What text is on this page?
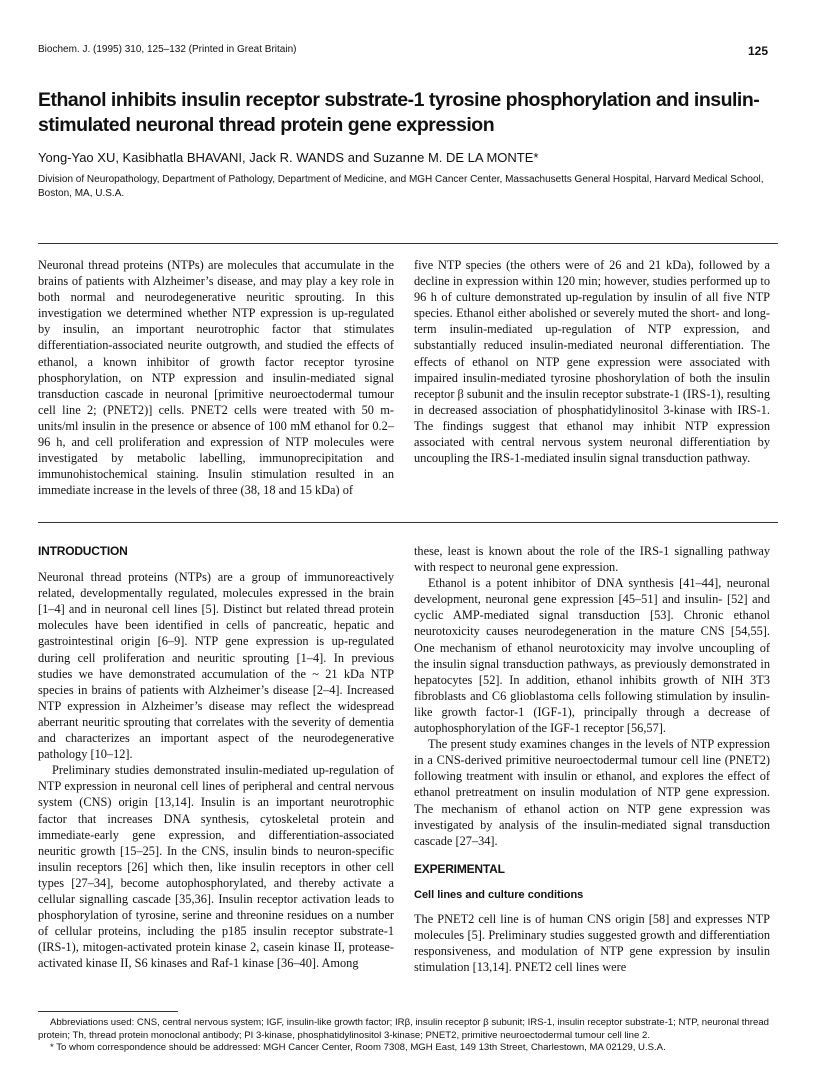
Biochem. J. (1995) 310, 125–132 (Printed in Great Britain)	125
Ethanol inhibits insulin receptor substrate-1 tyrosine phosphorylation and insulin-stimulated neuronal thread protein gene expression
Yong-Yao XU, Kasibhatla BHAVANI, Jack R. WANDS and Suzanne M. DE LA MONTE*
Division of Neuropathology, Department of Pathology, Department of Medicine, and MGH Cancer Center, Massachusetts General Hospital, Harvard Medical School, Boston, MA, U.S.A.

Neuronal thread proteins (NTPs) are molecules that accumulate in the brains of patients with Alzheimer’s disease, and may play a key role in both normal and neurodegenerative neuritic sprouting. In this investigation we determined whether NTP expression is up-regulated by insulin, an important neurotrophic factor that stimulates differentiation-associated neurite outgrowth, and studied the effects of ethanol, a known inhibitor of growth factor receptor tyrosine phosphorylation, on NTP expression and insulin-mediated signal transduction cascade in neuronal [primitive neuroectodermal tumour cell line 2; (PNET2)] cells. PNET2 cells were treated with 50 m-units/ml insulin in the presence or absence of 100 mM ethanol for 0.2–96 h, and cell proliferation and expression of NTP molecules were investigated by metabolic labelling, immunoprecipitation and immunohistochemical staining. Insulin stimulation resulted in an immediate increase in the levels of three (38, 18 and 15 kDa) of

five NTP species (the others were of 26 and 21 kDa), followed by a decline in expression within 120 min; however, studies performed up to 96 h of culture demonstrated up-regulation by insulin of all five NTP species. Ethanol either abolished or severely muted the short- and long-term insulin-mediated up-regulation of NTP expression, and substantially reduced insulin-mediated neuronal differentiation. The effects of ethanol on NTP gene expression were associated with impaired insulin-mediated tyrosine phoshorylation of both the insulin receptor β subunit and the insulin receptor substrate-1 (IRS-1), resulting in decreased association of phosphatidylinositol 3-kinase with IRS-1. The findings suggest that ethanol may inhibit NTP expression associated with central nervous system neuronal differentiation by uncoupling the IRS-1-mediated insulin signal transduction pathway.

INTRODUCTION

Neuronal thread proteins (NTPs) are a group of immunoreactively related, developmentally regulated, molecules expressed in the brain [1–4] and in neuronal cell lines [5]. Distinct but related thread protein molecules have been identified in cells of pancreatic, hepatic and gastrointestinal origin [6–9]. NTP gene expression is up-regulated during cell proliferation and neuritic sprouting [1–4]. In previous studies we have demonstrated accumulation of the ~ 21 kDa NTP species in brains of patients with Alzheimer’s disease [2–4]. Increased NTP expression in Alzheimer’s disease may reflect the widespread aberrant neuritic sprouting that correlates with the severity of dementia and characterizes an important aspect of the neurodegenerative pathology [10–12].

Preliminary studies demonstrated insulin-mediated up-regulation of NTP expression in neuronal cell lines of peripheral and central nervous system (CNS) origin [13,14]. Insulin is an important neurotrophic factor that increases DNA synthesis, cytoskeletal protein and immediate-early gene expression, and differentiation-associated neuritic growth [15–25]. In the CNS, insulin binds to neuron-specific insulin receptors [26] which then, like insulin receptors in other cell types [27–34], become autophosphorylated, and thereby activate a cellular signalling cascade [35,36]. Insulin receptor activation leads to phosphorylation of tyrosine, serine and threonine residues on a number of cellular proteins, including the p185 insulin receptor substrate-1 (IRS-1), mitogen-activated protein kinase 2, casein kinase II, protease-activated kinase II, S6 kinases and Raf-1 kinase [36–40]. Among

these, least is known about the role of the IRS-1 signalling pathway with respect to neuronal gene expression.

Ethanol is a potent inhibitor of DNA synthesis [41–44], neuronal development, neuronal gene expression [45–51] and insulin- [52] and cyclic AMP-mediated signal transduction [53]. Chronic ethanol neurotoxicity causes neurodegeneration in the mature CNS [54,55]. One mechanism of ethanol neurotoxicity may involve uncoupling of the insulin signal transduction pathways, as previously demonstrated in hepatocytes [52]. In addition, ethanol inhibits growth of NIH 3T3 fibroblasts and C6 glioblastoma cells following stimulation by insulin-like growth factor-1 (IGF-1), principally through a decrease of autophosphorylation of the IGF-1 receptor [56,57].

The present study examines changes in the levels of NTP expression in a CNS-derived primitive neuroectodermal tumour cell line (PNET2) following treatment with insulin or ethanol, and explores the effect of ethanol pretreatment on insulin modulation of NTP gene expression. The mechanism of ethanol action on NTP gene expression was investigated by analysis of the insulin-mediated signal transduction cascade [27–34].

EXPERIMENTAL
Cell lines and culture conditions

The PNET2 cell line is of human CNS origin [58] and expresses NTP molecules [5]. Preliminary studies suggested growth and differentiation responsiveness, and modulation of NTP gene expression by insulin stimulation [13,14]. PNET2 cell lines were

Abbreviations used: CNS, central nervous system; IGF, insulin-like growth factor; IRβ, insulin receptor β subunit; IRS-1, insulin receptor substrate-1; NTP, neuronal thread protein; Th, thread protein monoclonal antibody; PI 3-kinase, phosphatidylinositol 3-kinase; PNET2, primitive neuroectodermal tumour cell line 2.

* To whom correspondence should be addressed: MGH Cancer Center, Room 7308, MGH East, 149 13th Street, Charlestown, MA 02129, U.S.A.
